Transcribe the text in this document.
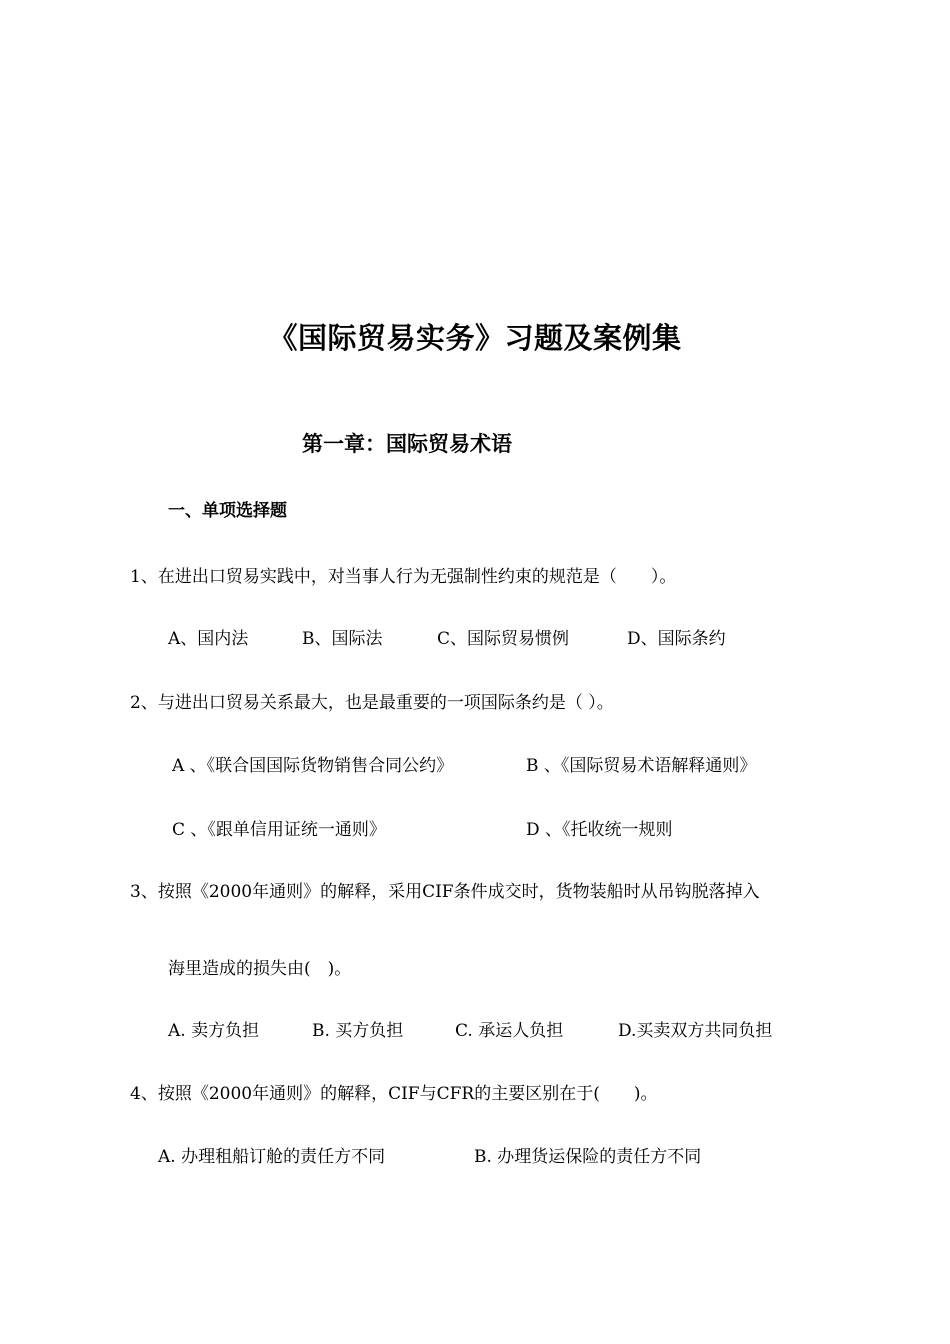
《国际贸易实务》习题及案例集
第一章：国际贸易术语
一、单项选择题
1、在进出口贸易实践中，对当事人行为无强制性约束的规范是（　　）。
A、国内法	B、国际法	C、国际贸易惯例	D、国际条约
2、与进出口贸易关系最大，也是最重要的一项国际条约是（ ）。
A 、《联合国国际货物销售合同公约》	B 、《国际贸易术语解释通则》
C 、《跟单信用证统一通则》	D 、《托收统一规则
3、按照《2000年通则》的解释，采用CIF条件成交时，货物装船时从吊钩脱落掉入
海里造成的损失由(　)。
A. 卖方负担	B. 买方负担	C. 承运人负担	D.买卖双方共同负担
4、按照《2000年通则》的解释，CIF与CFR的主要区别在于(　　)。
A. 办理租船订舱的责任方不同	B. 办理货运保险的责任方不同
